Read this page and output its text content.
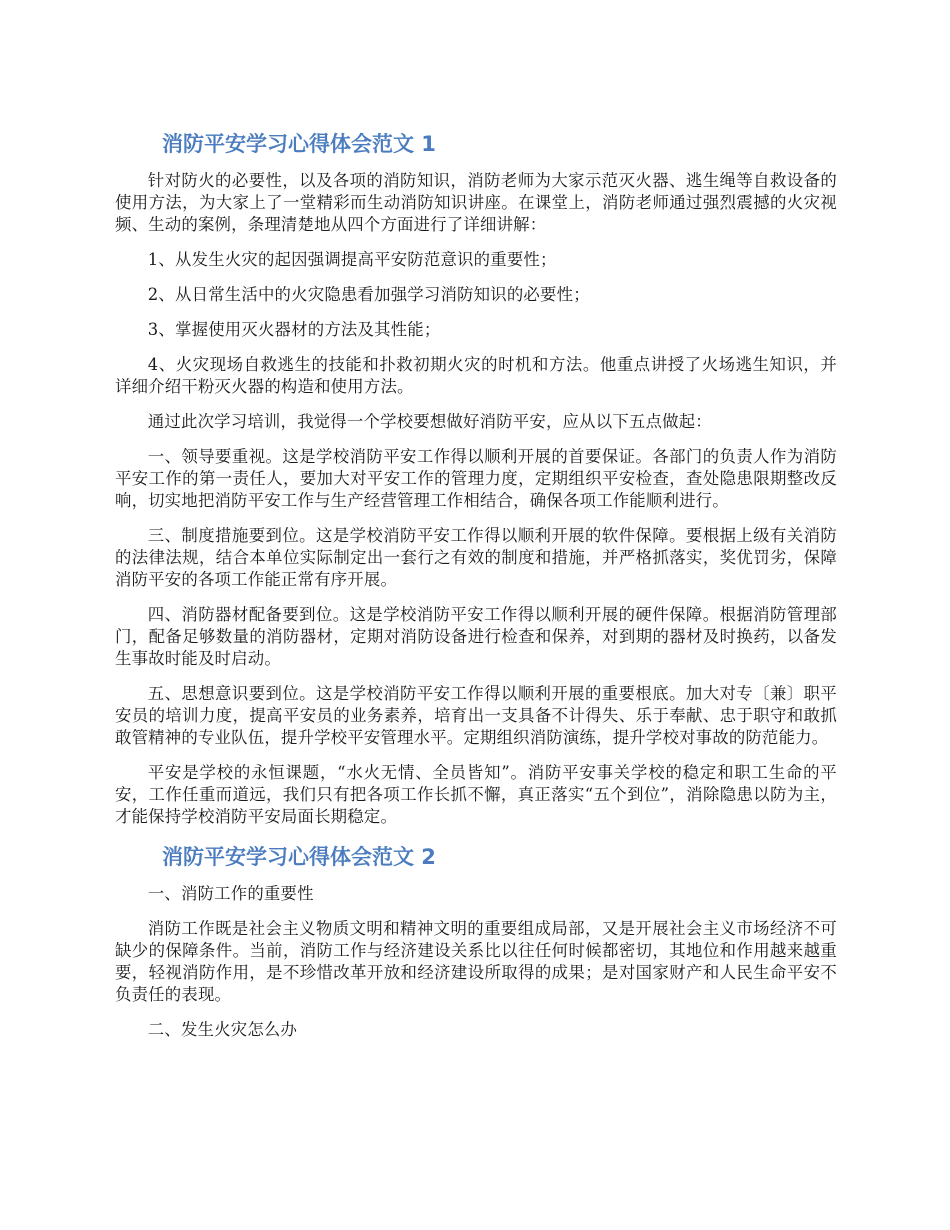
消防平安学习心得体会范文 1

针对防火的必要性，以及各项的消防知识，消防老师为大家示范灭火器、逃生绳等自救设备的使用方法，为大家上了一堂精彩而生动消防知识讲座。在课堂上，消防老师通过强烈震撼的火灾视频、生动的案例，条理清楚地从四个方面进行了详细讲解：

1、从发生火灾的起因强调提高平安防范意识的重要性；

2、从日常生活中的火灾隐患看加强学习消防知识的必要性；

3、掌握使用灭火器材的方法及其性能；

4、火灾现场自救逃生的技能和扑救初期火灾的时机和方法。他重点讲授了火场逃生知识，并详细介绍干粉灭火器的构造和使用方法。

通过此次学习培训，我觉得一个学校要想做好消防平安，应从以下五点做起：

一、领导要重视。这是学校消防平安工作得以顺利开展的首要保证。各部门的负责人作为消防平安工作的第一责任人，要加大对平安工作的管理力度，定期组织平安检查，查处隐患限期整改反响，切实地把消防平安工作与生产经营管理工作相结合，确保各项工作能顺利进行。

三、制度措施要到位。这是学校消防平安工作得以顺利开展的软件保障。要根据上级有关消防的法律法规，结合本单位实际制定出一套行之有效的制度和措施，并严格抓落实，奖优罚劣，保障消防平安的各项工作能正常有序开展。

四、消防器材配备要到位。这是学校消防平安工作得以顺利开展的硬件保障。根据消防管理部门，配备足够数量的消防器材，定期对消防设备进行检查和保养，对到期的器材及时换药，以备发生事故时能及时启动。

五、思想意识要到位。这是学校消防平安工作得以顺利开展的重要根底。加大对专〔兼〕职平安员的培训力度，提高平安员的业务素养，培育出一支具备不计得失、乐于奉献、忠于职守和敢抓敢管精神的专业队伍，提升学校平安管理水平。定期组织消防演练，提升学校对事故的防范能力。

平安是学校的永恒课题，“水火无情、全员皆知”。消防平安事关学校的稳定和职工生命的平安，工作任重而道远，我们只有把各项工作长抓不懈，真正落实“五个到位”，消除隐患以防为主，才能保持学校消防平安局面长期稳定。

消防平安学习心得体会范文 2

一、消防工作的重要性

消防工作既是社会主义物质文明和精神文明的重要组成局部，又是开展社会主义市场经济不可缺少的保障条件。当前，消防工作与经济建设关系比以往任何时候都密切，其地位和作用越来越重要，轻视消防作用，是不珍惜改革开放和经济建设所取得的成果；是对国家财产和人民生命平安不负责任的表现。

二、发生火灾怎么办
